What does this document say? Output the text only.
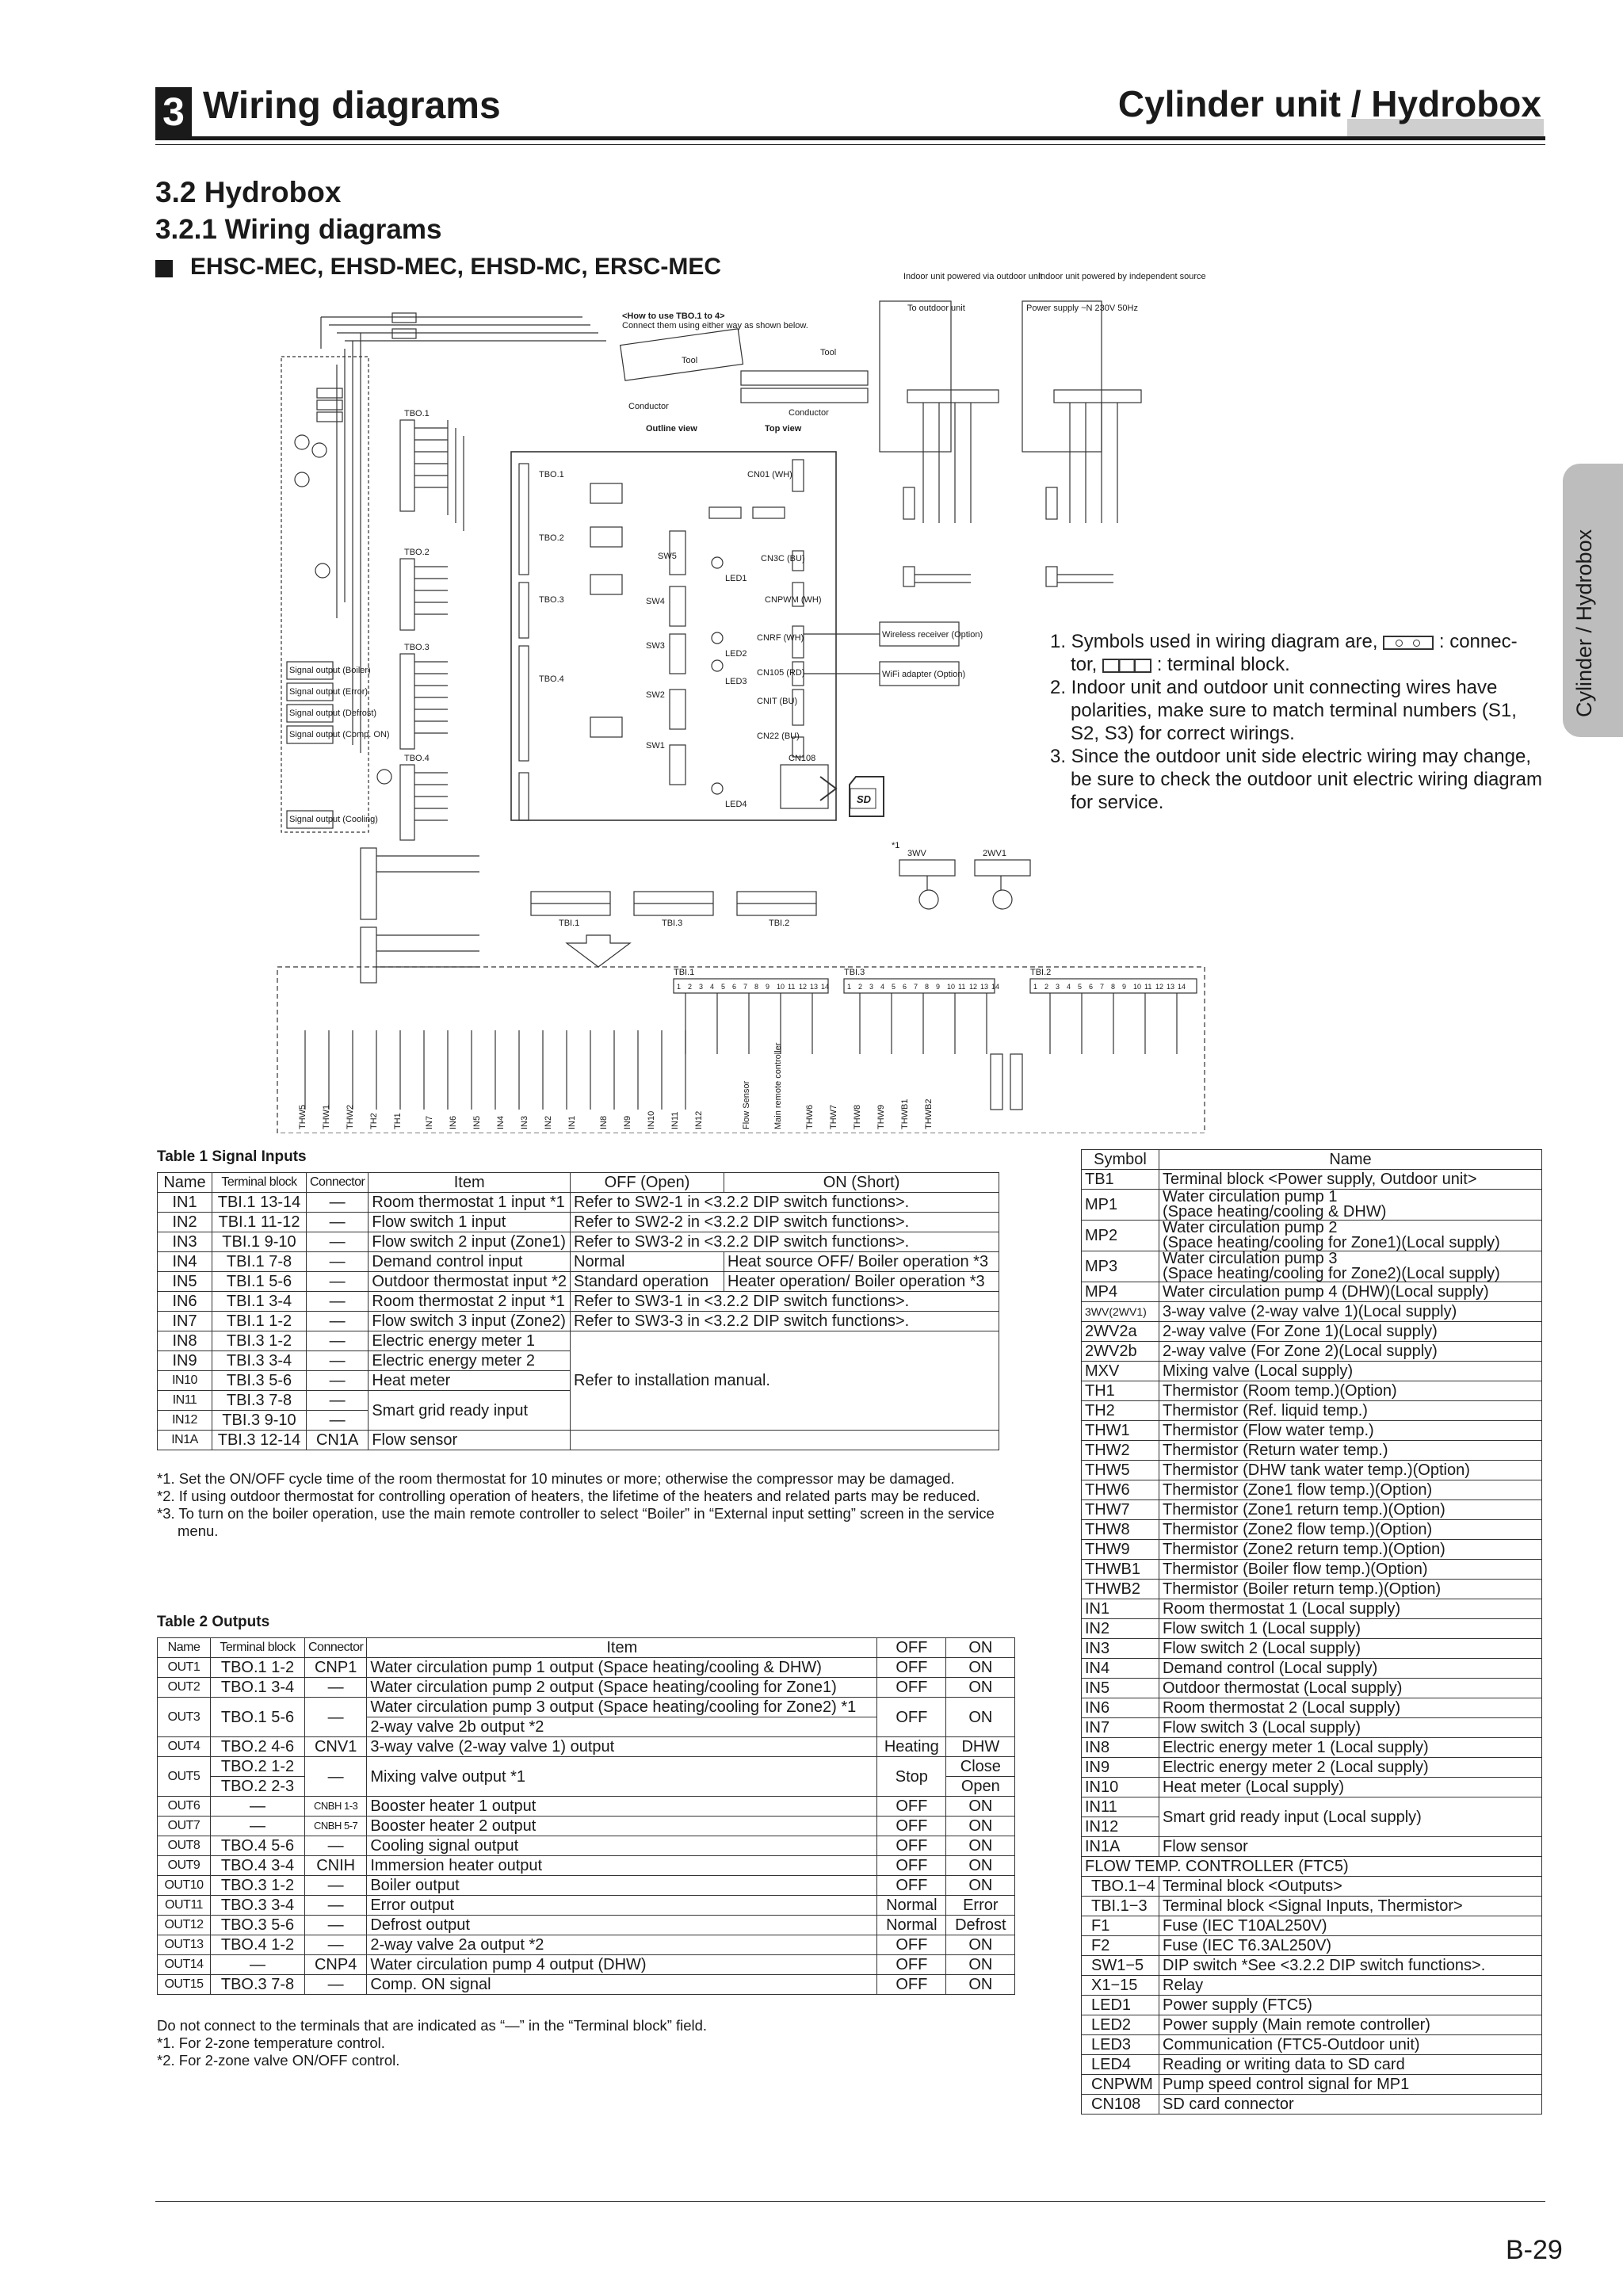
3 Wiring diagrams	Cylinder unit / Hydrobox
3.2 Hydrobox
3.2.1 Wiring diagrams
EHSC-MEC, EHSD-MEC, EHSD-MC, ERSC-MEC
Cylinder / Hydrobox
<How to use TBO.1 to 4>
Connect them using either way as shown below.
Outline view	Top view
Tool
Tool
Conductor
Conductor
Indoor unit powered via outdoor unit
Indoor unit powered by independent source
To outdoor unit	Power supply ~N 230V 50Hz
Wireless receiver (Option)
WiFi adapter (Option)
TBO.1
TBO.2
TBO.3
TBO.4
TBO.1
TBO.2
TBO.3
TBO.4
TBI.1	TBI.3	TBI.2
TBI.1	TBI.3	TBI.2
SW5
SW4
SW3
SW2
SW1
LED1
LED2
LED3
LED4
CN01 (WH)
CNPWM (WH)
CN3C (BU)
CNRF (WH)
CN105 (RD)
CNIT (BU)
CN22 (BU)
CN108
Signal output (Boiler)
Signal output (Error)
Signal output (Defrost)
Signal output (Comp. ON)
Signal output (Cooling)
3WV	2WV1
*1
1 2 3 4 5 6 7 8 9 10 11 12 13 14	1 2 3 4 5 6 7 8 9 10 11 12 13 14	1 2 3 4 5 6 7 8 9 10 11 12 13 14
THW5 THW1 THW2 TH2 TH1	IN7 IN6 IN5 IN4 IN3 IN2 IN1	IN8 IN9 IN10 IN11 IN12	Flow Sensor	Main remote controller	THW6 THW7 THW8 THW9 THWB1 THWB2
SD

1. Symbols used in wiring diagram are,	: connec-

tor,	: terminal block.

2. Indoor unit and outdoor unit connecting wires have polarities, make sure to match terminal numbers (S1, S2, S3) for correct wirings.

3. Since the outdoor unit side electric wiring may change, be sure to check the outdoor unit electric wiring diagram for service.

Table 1 Signal Inputs
Name	Terminal block	Connector	Item	OFF (Open)	ON (Short)
IN1	TBI.1 13-14	—	Room thermostat 1 input *1	Refer to SW2-1 in <3.2.2 DIP switch functions>.	
IN2	TBI.1 11-12	—	Flow switch 1 input	Refer to SW2-2 in <3.2.2 DIP switch functions>.	
IN3	TBI.1 9-10	—	Flow switch 2 input (Zone1)	Refer to SW3-2 in <3.2.2 DIP switch functions>.	
IN4	TBI.1 7-8	—	Demand control input	Normal	Heat source OFF/ Boiler operation *3
IN5	TBI.1 5-6	—	Outdoor thermostat input *2	Standard operation	Heater operation/ Boiler operation *3
IN6	TBI.1 3-4	—	Room thermostat 2 input *1	Refer to SW3-1 in <3.2.2 DIP switch functions>.	
IN7	TBI.1 1-2	—	Flow switch 3 input (Zone2)	Refer to SW3-3 in <3.2.2 DIP switch functions>.	
IN8	TBI.3 1-2	—	Electric energy meter 1	Refer to installation manual.	
IN9	TBI.3 3-4	—	Electric energy meter 2		
IN10	TBI.3 5-6	—	Heat meter		
IN11	TBI.3 7-8	—	Smart grid ready input		
IN12	TBI.3 9-10	—			
IN1A	TBI.3 12-14	CN1A	Flow sensor		
*1. Set the ON/OFF cycle time of the room thermostat for 10 minutes or more; otherwise the compressor may be damaged.
*2. If using outdoor thermostat for controlling operation of heaters, the lifetime of the heaters and related parts may be reduced.
*3. To turn on the boiler operation, use the main remote controller to select “Boiler” in “External input setting” screen in the service menu.
Table 2 Outputs
Name	Terminal block	Connector	Item	OFF	ON
OUT1	TBO.1 1-2	CNP1	Water circulation pump 1 output (Space heating/cooling & DHW)	OFF	ON
OUT2	TBO.1 3-4	—	Water circulation pump 2 output (Space heating/cooling for Zone1)	OFF	ON
OUT3	TBO.1 5-6	—	Water circulation pump 3 output (Space heating/cooling for Zone2) *1	OFF	ON
			2-way valve 2b output *2		
OUT4	TBO.2 4-6	CNV1	3-way valve (2-way valve 1) output	Heating	DHW
OUT5	TBO.2 1-2	—	Mixing valve output *1	Stop	Close
	TBO.2 2-3				Open
OUT6	—	CNBH 1-3	Booster heater 1 output	OFF	ON
OUT7	—	CNBH 5-7	Booster heater 2 output	OFF	ON
OUT8	TBO.4 5-6	—	Cooling signal output	OFF	ON
OUT9	TBO.4 3-4	CNIH	Immersion heater output	OFF	ON
OUT10	TBO.3 1-2	—	Boiler output	OFF	ON
OUT11	TBO.3 3-4	—	Error output	Normal	Error
OUT12	TBO.3 5-6	—	Defrost output	Normal	Defrost
OUT13	TBO.4 1-2	—	2-way valve 2a output *2	OFF	ON
OUT14	—	CNP4	Water circulation pump 4 output (DHW)	OFF	ON
OUT15	TBO.3 7-8	—	Comp. ON signal	OFF	ON
Do not connect to the terminals that are indicated as “—” in the “Terminal block” field.
*1. For 2-zone temperature control.
*2. For 2-zone valve ON/OFF control.
Symbol	Name
TB1	Terminal block <Power supply, Outdoor unit>
MP1	Water circulation pump 1
(Space heating/cooling & DHW)

MP2	Water circulation pump 2
(Space heating/cooling for Zone1)(Local supply)

MP3	Water circulation pump 3
(Space heating/cooling for Zone2)(Local supply)

MP4	Water circulation pump 4 (DHW)(Local supply)
3WV(2WV1)	3-way valve (2-way valve 1)(Local supply)
2WV2a	2-way valve (For Zone 1)(Local supply)
2WV2b	2-way valve (For Zone 2)(Local supply)
MXV	Mixing valve (Local supply)
TH1	Thermistor (Room temp.)(Option)
TH2	Thermistor (Ref. liquid temp.)
THW1	Thermistor (Flow water temp.)
THW2	Thermistor (Return water temp.)
THW5	Thermistor (DHW tank water temp.)(Option)
THW6	Thermistor (Zone1 flow temp.)(Option)
THW7	Thermistor (Zone1 return temp.)(Option)
THW8	Thermistor (Zone2 flow temp.)(Option)
THW9	Thermistor (Zone2 return temp.)(Option)
THWB1	Thermistor (Boiler flow temp.)(Option)
THWB2	Thermistor (Boiler return temp.)(Option)
IN1	Room thermostat 1 (Local supply)
IN2	Flow switch 1 (Local supply)
IN3	Flow switch 2 (Local supply)
IN4	Demand control (Local supply)
IN5	Outdoor thermostat (Local supply)
IN6	Room thermostat 2 (Local supply)
IN7	Flow switch 3 (Local supply)
IN8	Electric energy meter 1 (Local supply)
IN9	Electric energy meter 2 (Local supply)
IN10	Heat meter (Local supply)
IN11	Smart grid ready input (Local supply)
IN12	
IN1A	Flow sensor
FLOW TEMP. CONTROLLER (FTC5)	
TBO.1−4	Terminal block <Outputs>
TBI.1−3	Terminal block <Signal Inputs, Thermistor>
F1	Fuse (IEC T10AL250V)
F2	Fuse (IEC T6.3AL250V)
SW1−5	DIP switch *See <3.2.2 DIP switch functions>.
X1−15	Relay
LED1	Power supply (FTC5)
LED2	Power supply (Main remote controller)
LED3	Communication (FTC5-Outdoor unit)
LED4	Reading or writing data to SD card
CNPWM	Pump speed control signal for MP1
CN108	SD card connector
B-29
